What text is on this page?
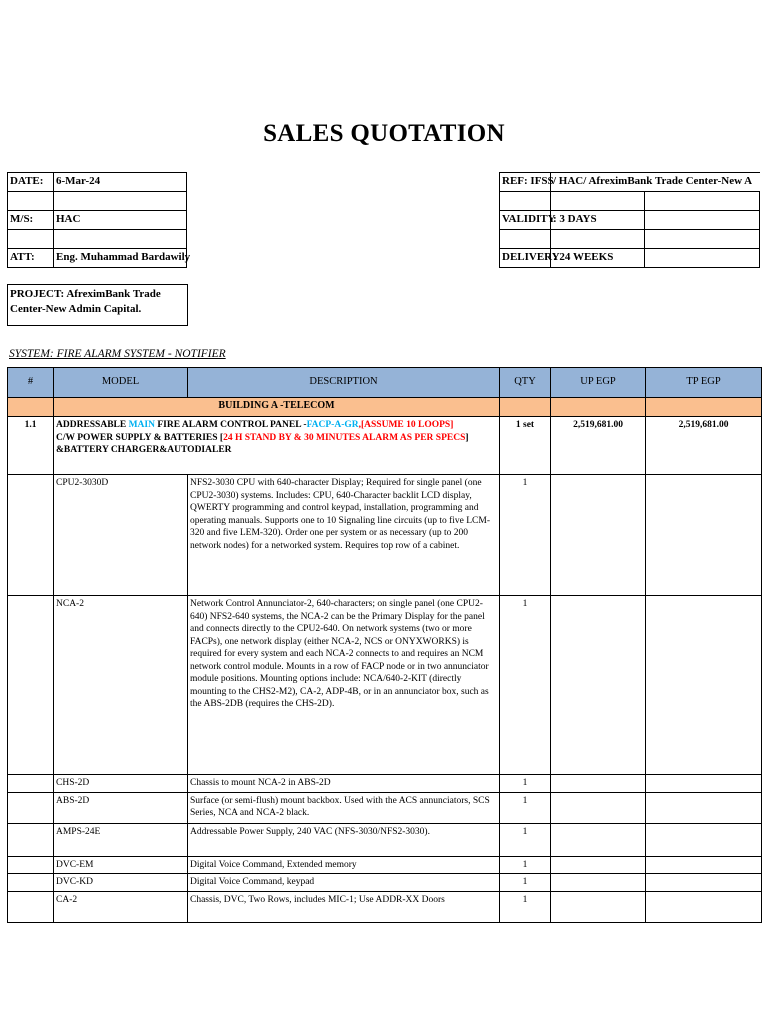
SALES QUOTATION
DATE:	6-Mar-24
M/S:	HAC
ATT:	Eng. Muhammad Bardawily
PROJECT: AfreximBank Trade
Center-New Admin Capital.
REF: IFSS / HAC/ AfreximBank Trade Center-New A
VALIDITY
: 3 DAYS
DELIVERY
: 24 WEEKS
SYSTEM: FIRE ALARM SYSTEM - NOTIFIER
#	MODEL	DESCRIPTION	QTY	UP EGP	TP EGP
	BUILDING A -TELECOM				
1.1	ADDRESSABLE MAIN FIRE ALARM CONTROL PANEL -FACP-A-GR,[ASSUME 10 LOOPS]
C/W POWER SUPPLY & BATTERIES [24 H STAND BY & 30 MINUTES ALARM AS PER SPECS] &BATTERY CHARGER&AUTODIALER		1 set	2,519,681.00	2,519,681.00
	CPU2-3030D	NFS2-3030 CPU with 640-character Display; Required for single panel (one CPU2-3030) systems. Includes: CPU, 640-Character backlit LCD display, QWERTY programming and control keypad, installation, programming and operating manuals. Supports one to 10 Signaling line circuits (up to five LCM- 320 and five LEM-320). Order one per system or as necessary (up to 200 network nodes) for a networked system. Requires top row of a cabinet.	1		
	NCA-2	Network Control Annunciator-2, 640-characters; on single panel (one CPU2-640) NFS2-640 systems, the NCA-2 can be the Primary Display for the panel and connects directly to the CPU2-640. On network systems (two or more FACPs), one network display (either NCA-2, NCS or ONYXWORKS) is required for every system and each NCA-2 connects to and requires an NCM network control module. Mounts in a row of FACP node or in two annunciator module positions. Mounting options include: NCA/640-2-KIT (directly mounting to the CHS2-M2), CA-2, ADP-4B, or in an annunciator box, such as the ABS-2DB (requires the CHS-2D).	1		
	CHS-2D	Chassis to mount NCA-2 in ABS-2D	1		
	ABS-2D	Surface (or semi-flush) mount backbox. Used with the ACS annunciators, SCS Series, NCA and NCA-2 black.	1		
	AMPS-24E	Addressable Power Supply, 240 VAC (NFS-3030/NFS2-3030).	1		
	DVC-EM	Digital Voice Command, Extended memory	1		
	DVC-KD	Digital Voice Command, keypad	1		
	CA-2	Chassis, DVC, Two Rows, includes MIC-1; Use ADDR-XX Doors	1		
